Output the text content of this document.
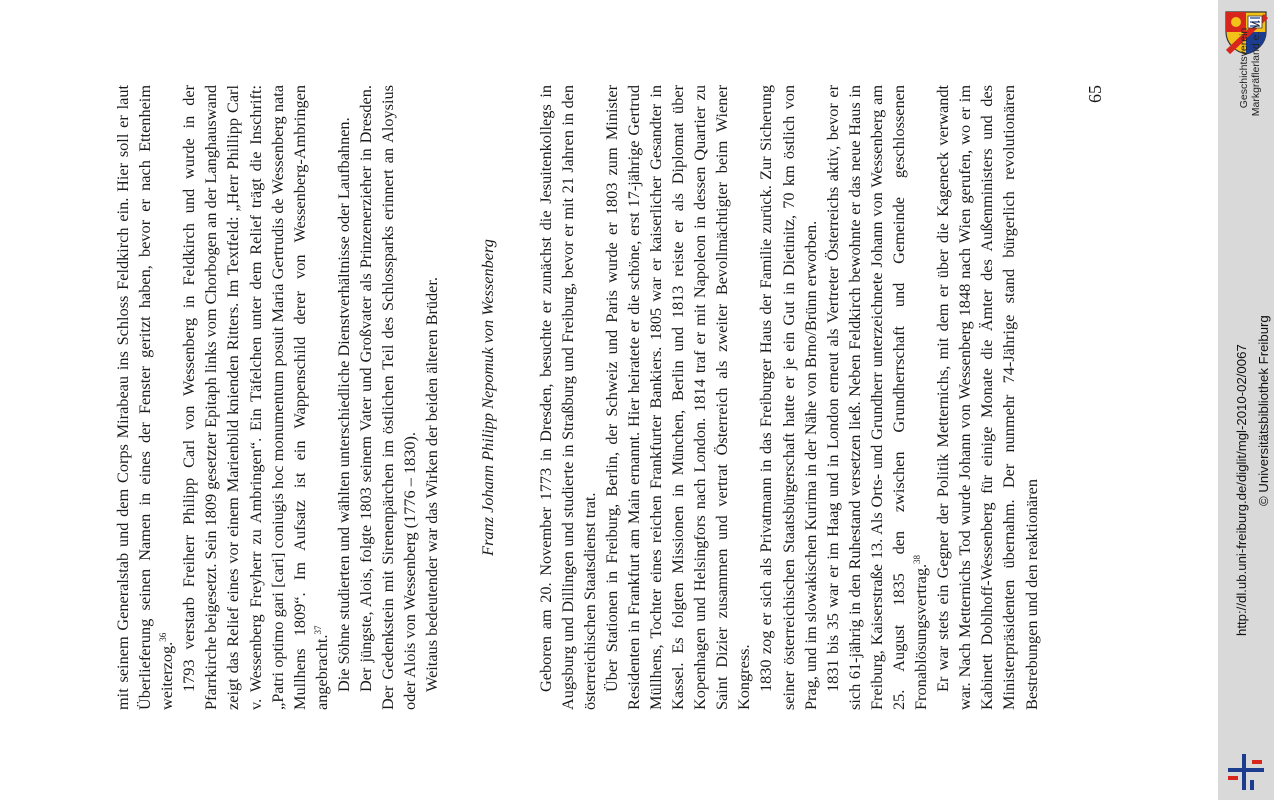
mit seinem Generalstab und dem Corps Mirabeau ins Schloss Feldkirch ein. Hier soll er laut Überlieferung seinen Namen in eines der Fenster geritzt haben, bevor er nach Ettenheim weiterzog.$^{36}$ 1793 verstarb Freiherr Philipp Carl von Wessenberg in Feldkirch und wurde in der Pfarrkirche beigesetzt. Sein 1809 gesetzter Epitaph links vom Chorbogen an der Langhauswand zeigt das Relief eines vor einem Marienbild knienden Ritters. Im Textfeld: „Herr Phillipp Carl v. Wessenberg Freyherr zu Ambringen“. Ein Täfelchen unter dem Relief trägt die Inschrift: „Patri optimo gari [cari] coniugis hoc monumentum posuit Maria Gertrudis de Wessenberg nata Mullhens 1809“. Im Aufsatz ist ein Wappenschild derer von Wessenberg-Ambringen angebracht.$^{37}$ Die Söhne studierten und wählten unterschiedliche Dienstverhältnisse oder Laufbahnen. Der jüngste, Alois, folgte 1803 seinem Vater und Großvater als Prinzenerzieher in Dresden. Der Gedenkstein mit Sirenenpärchen im östlichen Teil des Schlossparks erinnert an Aloysius oder Alois von Wessenberg (1776 – 1830). Weitaus bedeutender war das Wirken der beiden älteren Brüder. Franz Johann Philipp Nepomuk von Wessenberg Geboren am 20. November 1773 in Dresden, besuchte er zunächst die Jesuitenkollegs in Augsburg und Dillingen und studierte in Straßburg und Freiburg, bevor er mit 21 Jahren in den österreichischen Staatsdienst trat. Über Stationen in Freiburg, Berlin, der Schweiz und Paris wurde er 1803 zum Minister Residenten in Frankfurt am Main ernannt. Hier heiratete er die schöne, erst 17-jährige Gertrud Müllhens, Tochter eines reichen Frankfurter Bankiers. 1805 war er kaiserlicher Gesandter in Kassel. Es folgten Missionen in München, Berlin und 1813 reiste er als Diplomat über Kopenhagen und Helsingfors nach London. 1814 traf er mit Napoleon in dessen Quartier zu Saint Dizier zusammen und vertrat Österreich als zweiter Bevollmächtigter beim Wiener Kongress. 1830 zog er sich als Privatmann in das Freiburger Haus der Familie zurück. Zur Sicherung seiner österreichischen Staatsbürgerschaft hatte er je ein Gut in Dietinitz, 70 km östlich von Prag, und im slowakischen Kurima in der Nähe von Brno/Brünn erworben. 1831 bis 35 war er im Haag und in London erneut als Vertreter Österreichs aktiv, bevor er sich 61-jährig in den Ruhestand versetzen ließ. Neben Feldkirch bewohnte er das neue Haus in Freiburg, Kaiserstraße 13. Als Orts- und Grundherr unterzeichnete Johann von Wessenberg am 25. August 1835 den zwischen Grundherrschaft und Gemeinde geschlossenen Fronablösungsvertrag.$^{38}$ Er war stets ein Gegner der Politik Metternichs, mit dem er über die Kageneck verwandt war. Nach Metternichs Tod wurde Johann von Wessenberg 1848 nach Wien gerufen, wo er im Kabinett Doblhoff-Wessenberg für einige Monate die Ämter des Außenministers und des Ministerpräsidenten übernahm. Der nunmehr 74-Jährige stand bürgerlich revolutionären Bestrebungen und den reaktionären

65	Geschichtsverein Markgräflerland e. V.
http://dl.ub.uni-freiburg.de/diglit/mgl-2010-02/0067 © Universitätsbibliothek Freiburg
